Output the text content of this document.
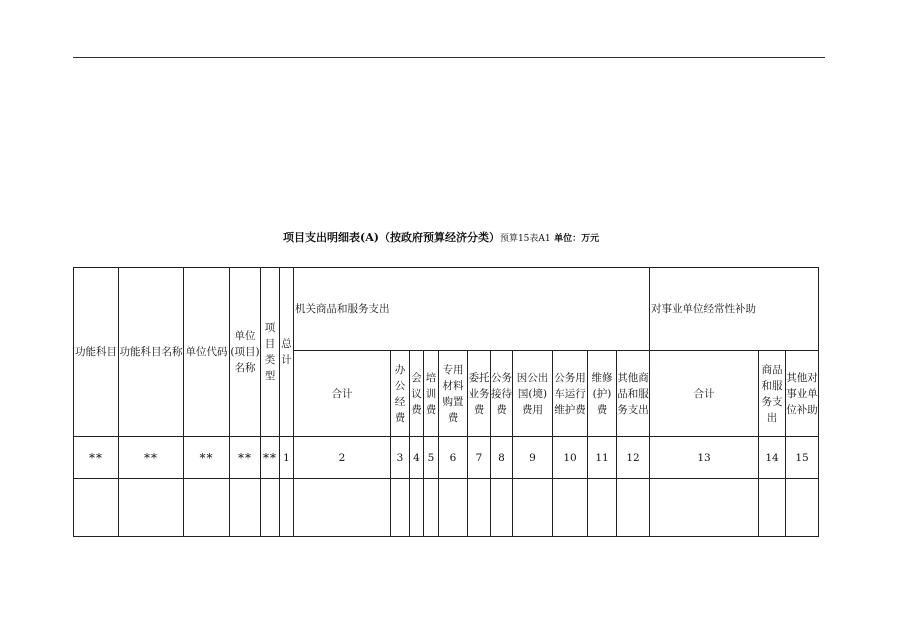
项目支出明细表(A)（按政府预算经济分类）预算15表A1 单位：万元
功能科目	功能科目名称	单位代码	单位(项目)名称	项目类型	总计	机关商品和服务支出											对事业单位经常性补助		
						合计	办公经费	会议费	培训费	专用材料购置费	委托业务费	公务接待费	因公出国(境)费用	公务用车运行维护费	维修(护)费	其他商品和服务支出	合计	商品和服务支出	其他对事业单位补助
**	**	**	**	**	1	2	3	4	5	6	7	8	9	10	11	12	13	14	15
